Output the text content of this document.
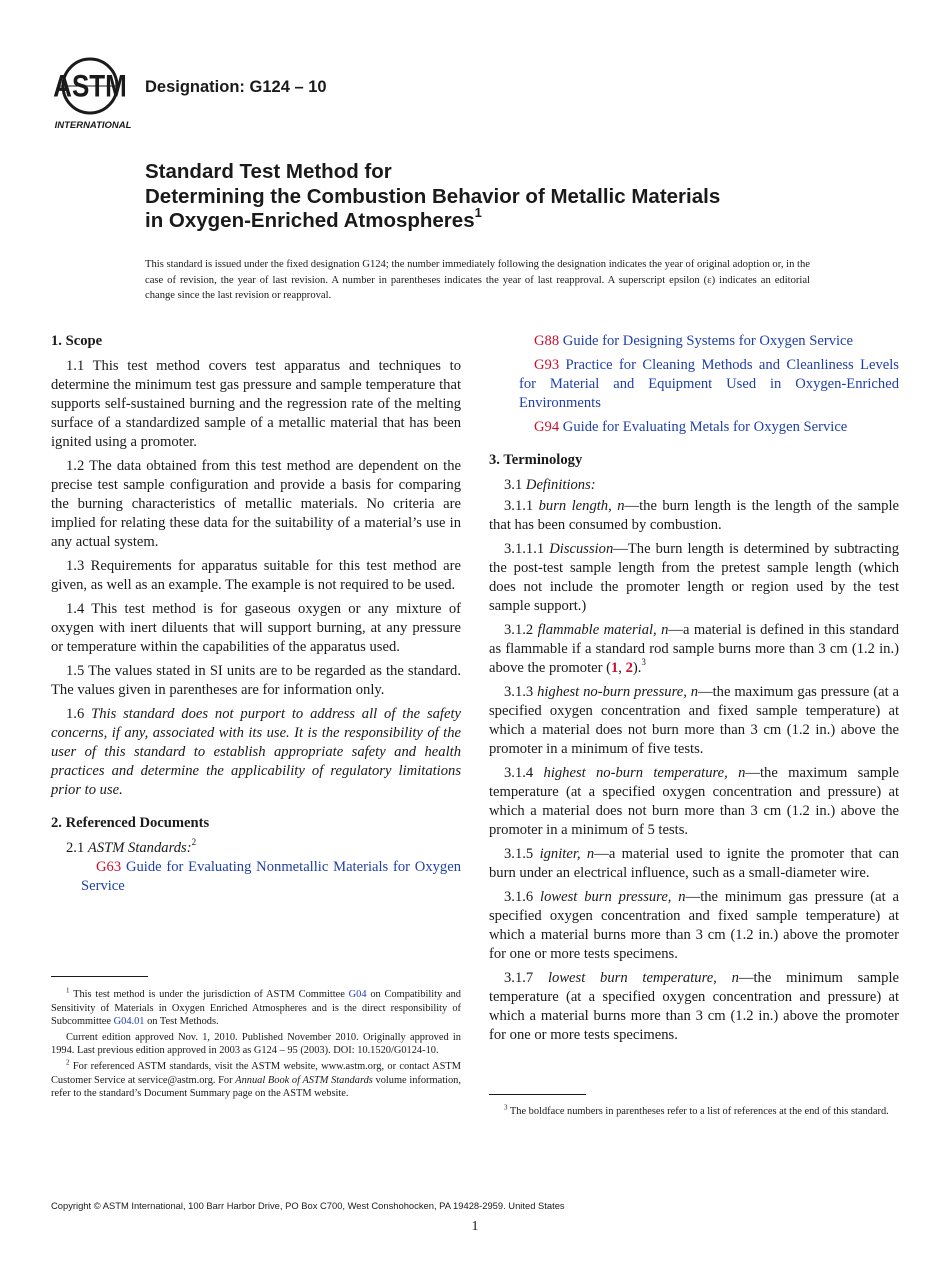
ASTM
INTERNATIONAL
Designation: G124 – 10
Standard Test Method for
Determining the Combustion Behavior of Metallic Materials
in Oxygen-Enriched Atmospheres$^1$
This standard is issued under the fixed designation G124; the number immediately following the designation indicates the year of original adoption or, in the case of revision, the year of last revision. A number in parentheses indicates the year of last reapproval. A superscript epsilon (ε) indicates an editorial change since the last revision or reapproval.
1. Scope

1.1 This test method covers test apparatus and techniques to determine the minimum test gas pressure and sample temperature that supports self-sustained burning and the regression rate of the melting surface of a standardized sample of a metallic material that has been ignited using a promoter.

1.2 The data obtained from this test method are dependent on the precise test sample configuration and provide a basis for comparing the burning characteristics of metallic materials. No criteria are implied for relating these data for the suitability of a material’s use in any actual system.

1.3 Requirements for apparatus suitable for this test method are given, as well as an example. The example is not required to be used.

1.4 This test method is for gaseous oxygen or any mixture of oxygen with inert diluents that will support burning, at any pressure or temperature within the capabilities of the apparatus used.

1.5 The values stated in SI units are to be regarded as the standard. The values given in parentheses are for information only.

1.6 This standard does not purport to address all of the safety concerns, if any, associated with its use. It is the responsibility of the user of this standard to establish appropriate safety and health practices and determine the applicability of regulatory limitations prior to use.

2. Referenced Documents

2.1 ASTM Standards:$^2$

G63 Guide for Evaluating Nonmetallic Materials for Oxygen Service

G88 Guide for Designing Systems for Oxygen Service

G93 Practice for Cleaning Methods and Cleanliness Levels for Material and Equipment Used in Oxygen-Enriched Environments

G94 Guide for Evaluating Metals for Oxygen Service

3. Terminology

3.1 Definitions:

3.1.1 burn length, n—the burn length is the length of the sample that has been consumed by combustion.

3.1.1.1 Discussion—The burn length is determined by subtracting the post-test sample length from the pretest sample length (which does not include the promoter length or region used by the test sample support.)

3.1.2 flammable material, n—a material is defined in this standard as flammable if a standard rod sample burns more than 3 cm (1.2 in.) above the promoter (1, 2).$^3$

3.1.3 highest no-burn pressure, n—the maximum gas pressure (at a specified oxygen concentration and fixed sample temperature) at which a material does not burn more than 3 cm (1.2 in.) above the promoter in a minimum of five tests.

3.1.4 highest no-burn temperature, n—the maximum sample temperature (at a specified oxygen concentration and pressure) at which a material does not burn more than 3 cm (1.2 in.) above the promoter in a minimum of 5 tests.

3.1.5 igniter, n—a material used to ignite the promoter that can burn under an electrical influence, such as a small-diameter wire.

3.1.6 lowest burn pressure, n—the minimum gas pressure (at a specified oxygen concentration and fixed sample temperature) at which a material burns more than 3 cm (1.2 in.) above the promoter for one or more tests specimens.

3.1.7 lowest burn temperature, n—the minimum sample temperature (at a specified oxygen concentration and pressure) at which a material burns more than 3 cm (1.2 in.) above the promoter for one or more tests specimens.

$^1$ This test method is under the jurisdiction of ASTM Committee G04 on Compatibility and Sensitivity of Materials in Oxygen Enriched Atmospheres and is the direct responsibility of Subcommittee G04.01 on Test Methods.

Current edition approved Nov. 1, 2010. Published November 2010. Originally approved in 1994. Last previous edition approved in 2003 as G124 – 95 (2003). DOI: 10.1520/G0124-10.

$^2$ For referenced ASTM standards, visit the ASTM website, www.astm.org, or contact ASTM Customer Service at service@astm.org. For Annual Book of ASTM Standards volume information, refer to the standard’s Document Summary page on the ASTM website.

$^3$ The boldface numbers in parentheses refer to a list of references at the end of this standard.

Copyright © ASTM International, 100 Barr Harbor Drive, PO Box C700, West Conshohocken, PA 19428-2959. United States
1
